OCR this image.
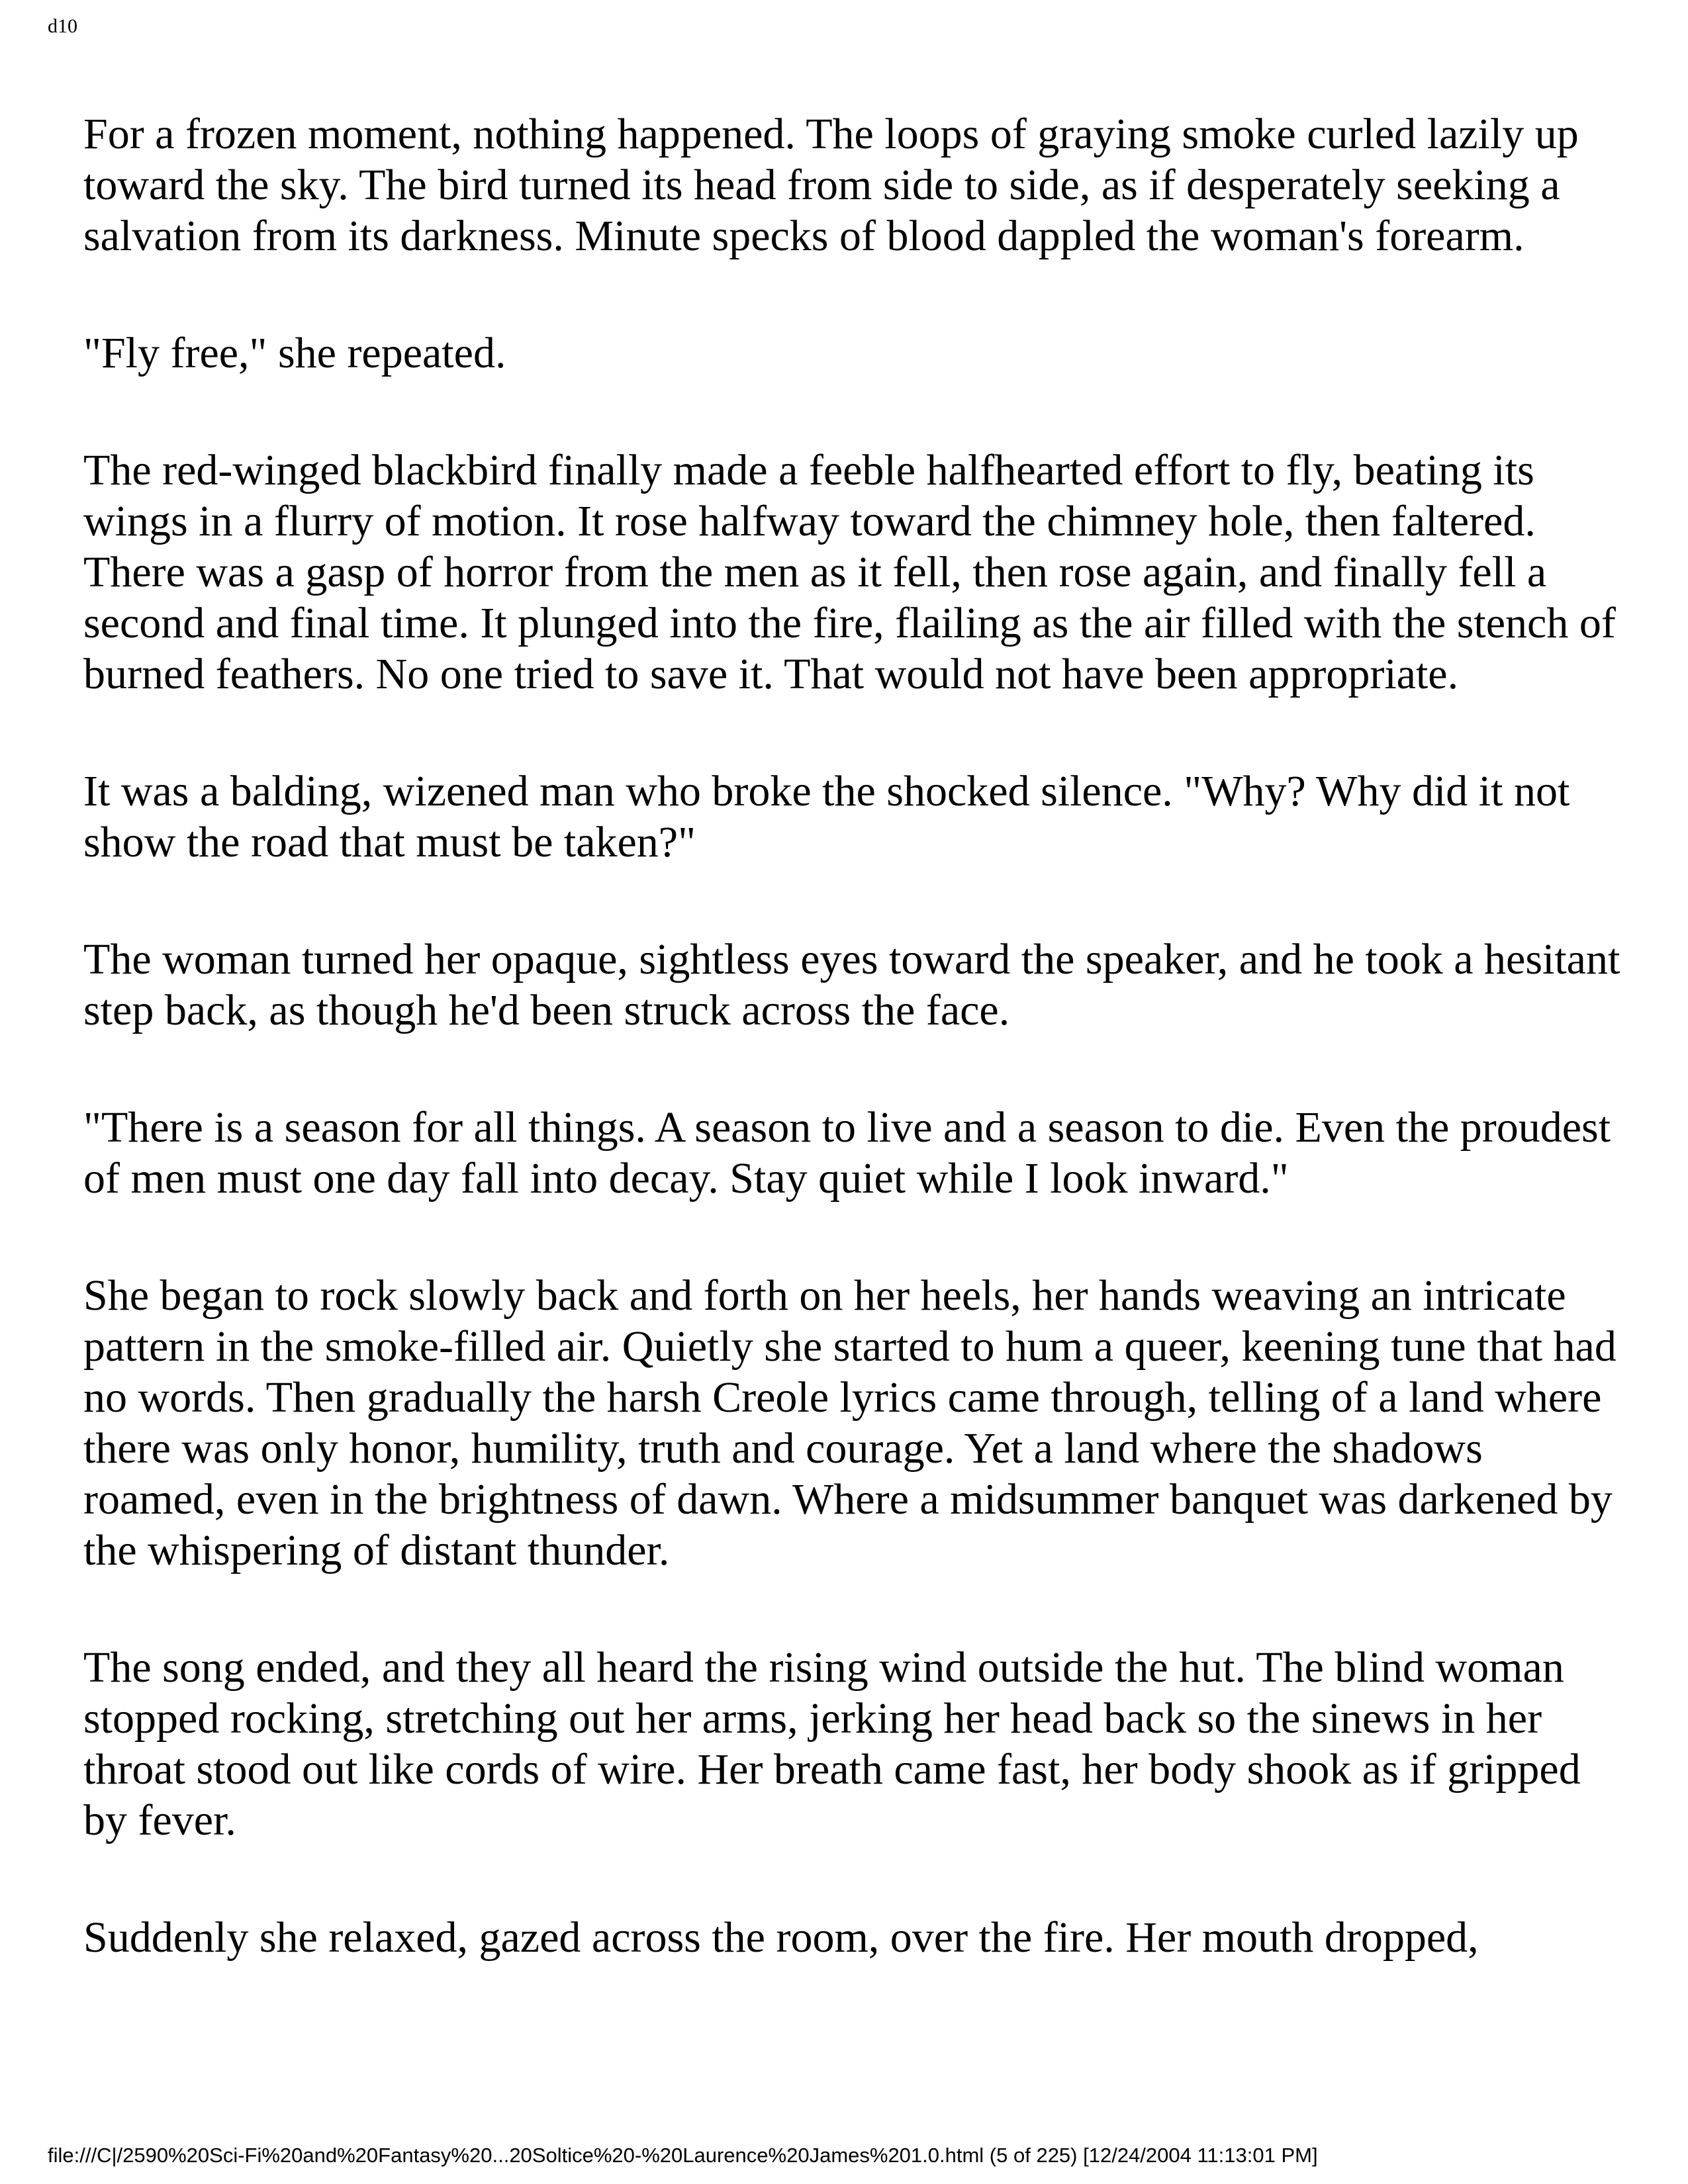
d10

For a frozen moment, nothing happened. The loops of graying smoke curled lazily up toward the sky. The bird turned its head from side to side, as if desperately seeking a salvation from its darkness. Minute specks of blood dappled the woman's forearm.

"Fly free," she repeated.

The red-winged blackbird finally made a feeble halfhearted effort to fly, beating its wings in a flurry of motion. It rose halfway toward the chimney hole, then faltered. There was a gasp of horror from the men as it fell, then rose again, and finally fell a second and final time. It plunged into the fire, flailing as the air filled with the stench of burned feathers. No one tried to save it. That would not have been appropriate.

It was a balding, wizened man who broke the shocked silence. "Why? Why did it not show the road that must be taken?"

The woman turned her opaque, sightless eyes toward the speaker, and he took a hesitant step back, as though he'd been struck across the face.

"There is a season for all things. A season to live and a season to die. Even the proudest of men must one day fall into decay. Stay quiet while I look inward."

She began to rock slowly back and forth on her heels, her hands weaving an intricate pattern in the smoke-filled air. Quietly she started to hum a queer, keening tune that had no words. Then gradually the harsh Creole lyrics came through, telling of a land where there was only honor, humility, truth and courage. Yet a land where the shadows roamed, even in the brightness of dawn. Where a midsummer banquet was darkened by the whispering of distant thunder.

The song ended, and they all heard the rising wind outside the hut. The blind woman stopped rocking, stretching out her arms, jerking her head back so the sinews in her throat stood out like cords of wire. Her breath came fast, her body shook as if gripped by fever.

Suddenly she relaxed, gazed across the room, over the fire. Her mouth dropped,

file:///C|/2590%20Sci-Fi%20and%20Fantasy%20...20Soltice%20-%20Laurence%20James%201.0.html (5 of 225) [12/24/2004 11:13:01 PM]
